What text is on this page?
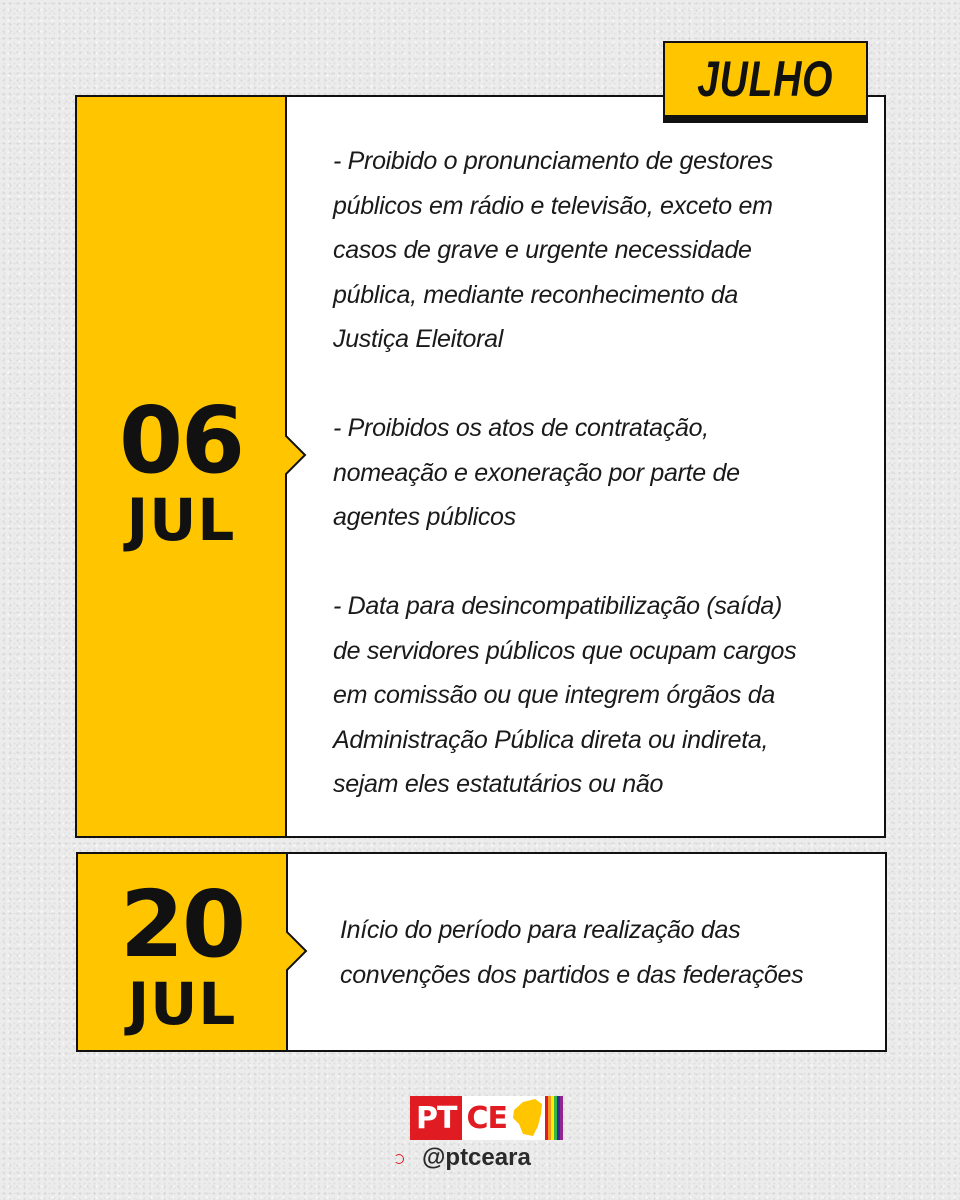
JULHO
06
JUL

- Proibido o pronunciamento de gestores
públicos em rádio e televisão, exceto em
casos de grave e urgente necessidade
pública, mediante reconhecimento da
Justiça Eleitoral

- Proibidos os atos de contratação,
nomeação e exoneração por parte de
agentes públicos

- Data para desincompatibilização (saída)
de servidores públicos que ocupam cargos
em comissão ou que integrem órgãos da
Administração Pública direta ou indireta,
sejam eles estatutários ou não

20
JUL

Início do período para realização das
convenções dos partidos e das federações

PT CE
@ptceara
